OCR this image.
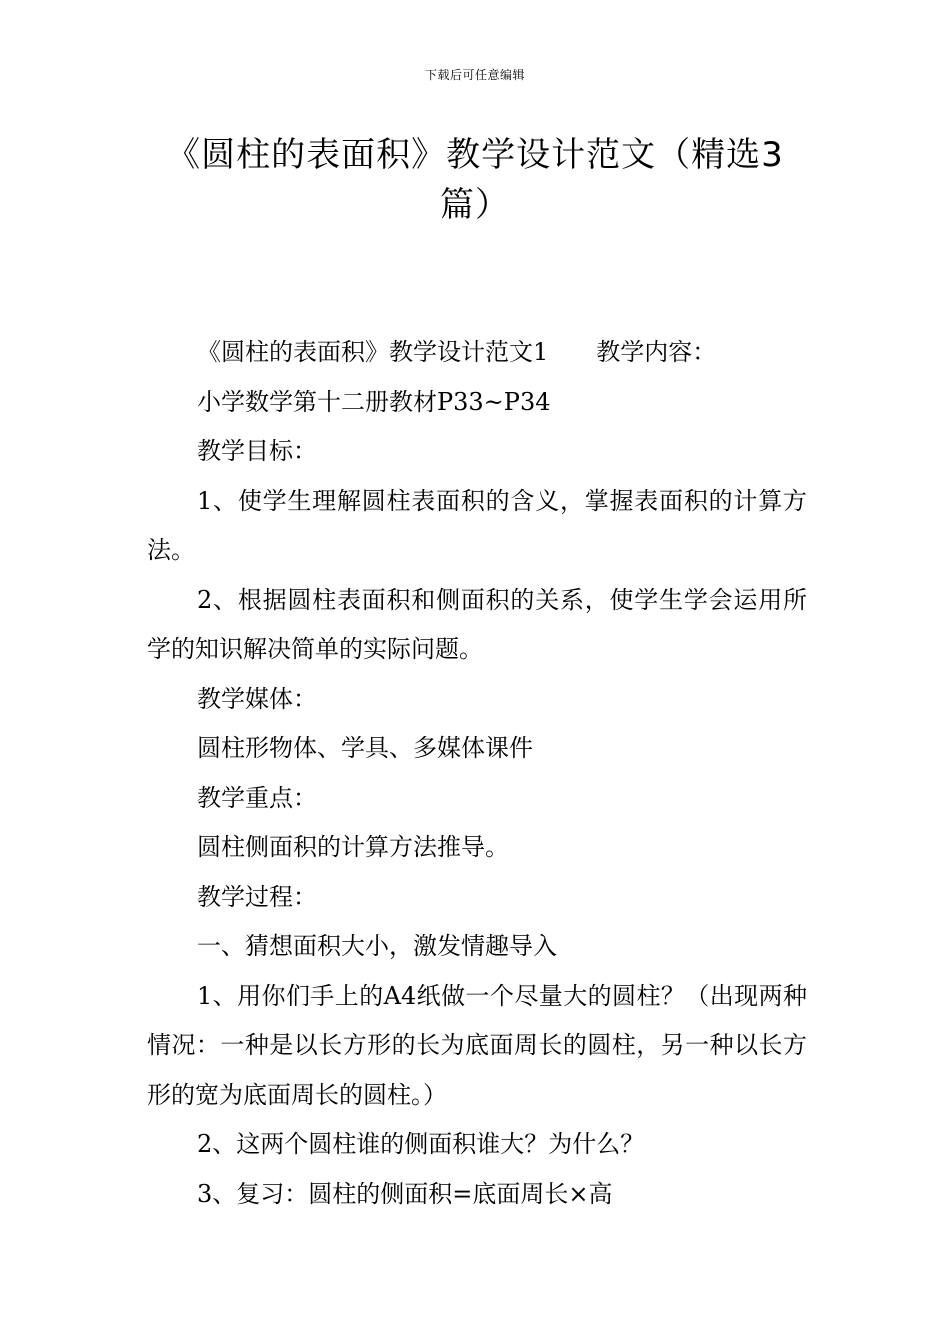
下载后可任意编辑
《圆柱的表面积》教学设计范文（精选3篇）

《圆柱的表面积》教学设计范文1 教学内容：

小学数学第十二册教材P33~P34

教学目标：

1、使学生理解圆柱表面积的含义，掌握表面积的计算方法。

2、根据圆柱表面积和侧面积的关系，使学生学会运用所学的知识解决简单的实际问题。

教学媒体：

圆柱形物体、学具、多媒体课件

教学重点：

圆柱侧面积的计算方法推导。

教学过程：

一、猜想面积大小，激发情趣导入

1、用你们手上的A4纸做一个尽量大的圆柱？（出现两种情况：一种是以长方形的长为底面周长的圆柱，另一种以长方形的宽为底面周长的圆柱。）

2、这两个圆柱谁的侧面积谁大？为什么？

3、复习：圆柱的侧面积=底面周长×高
